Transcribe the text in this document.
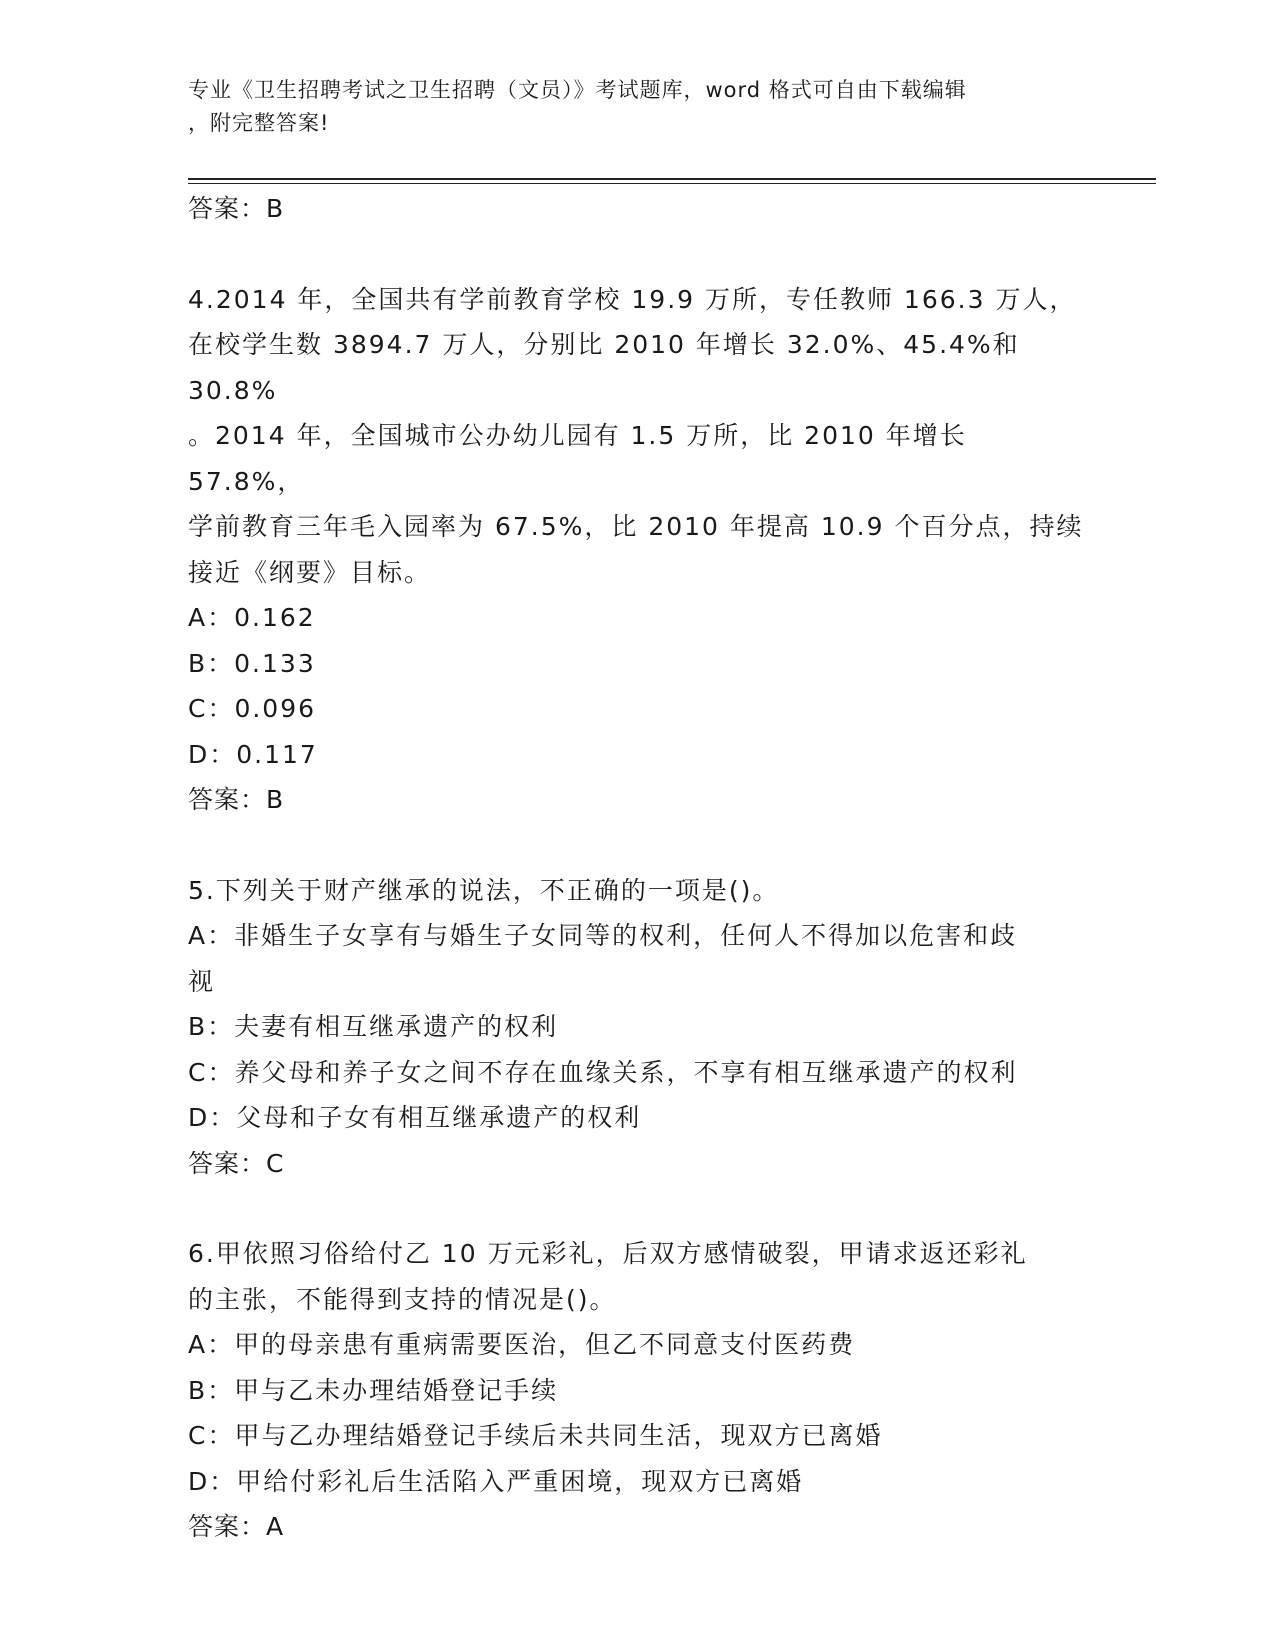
专业《卫生招聘考试之卫生招聘（文员）》考试题库，word 格式可自由下载编辑
，附完整答案!
答案：B
4.2014 年，全国共有学前教育学校 19.9 万所，专任教师 166.3 万人，
在校学生数 3894.7 万人，分别比 2010 年增长 32.0%、45.4%和 30.8%
。2014 年，全国城市公办幼儿园有 1.5 万所，比 2010 年增长 57.8%，
学前教育三年毛入园率为 67.5%，比 2010 年提高 10.9 个百分点，持续
接近《纲要》目标。
A：0.162
B：0.133
C：0.096
D：0.117
答案：B
5.下列关于财产继承的说法，不正确的一项是()。
A：非婚生子女享有与婚生子女同等的权利，任何人不得加以危害和歧
视
B：夫妻有相互继承遗产的权利
C：养父母和养子女之间不存在血缘关系，不享有相互继承遗产的权利
D：父母和子女有相互继承遗产的权利
答案：C
6.甲依照习俗给付乙 10 万元彩礼，后双方感情破裂，甲请求返还彩礼
的主张，不能得到支持的情况是()。
A：甲的母亲患有重病需要医治，但乙不同意支付医药费
B：甲与乙未办理结婚登记手续
C：甲与乙办理结婚登记手续后未共同生活，现双方已离婚
D：甲给付彩礼后生活陷入严重困境，现双方已离婚
答案：A
